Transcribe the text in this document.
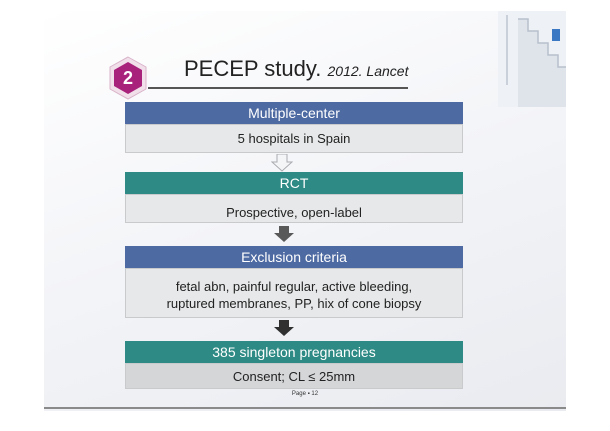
2	PECEP study. 2012. Lancet
Multiple-center
5 hospitals in Spain
RCT
Prospective, open-label
Exclusion criteria
fetal abn, painful regular, active bleeding,
ruptured membranes, PP, hix of cone biopsy
385 singleton pregnancies
Consent; CL ≤ 25mm
Page ▪ 12
